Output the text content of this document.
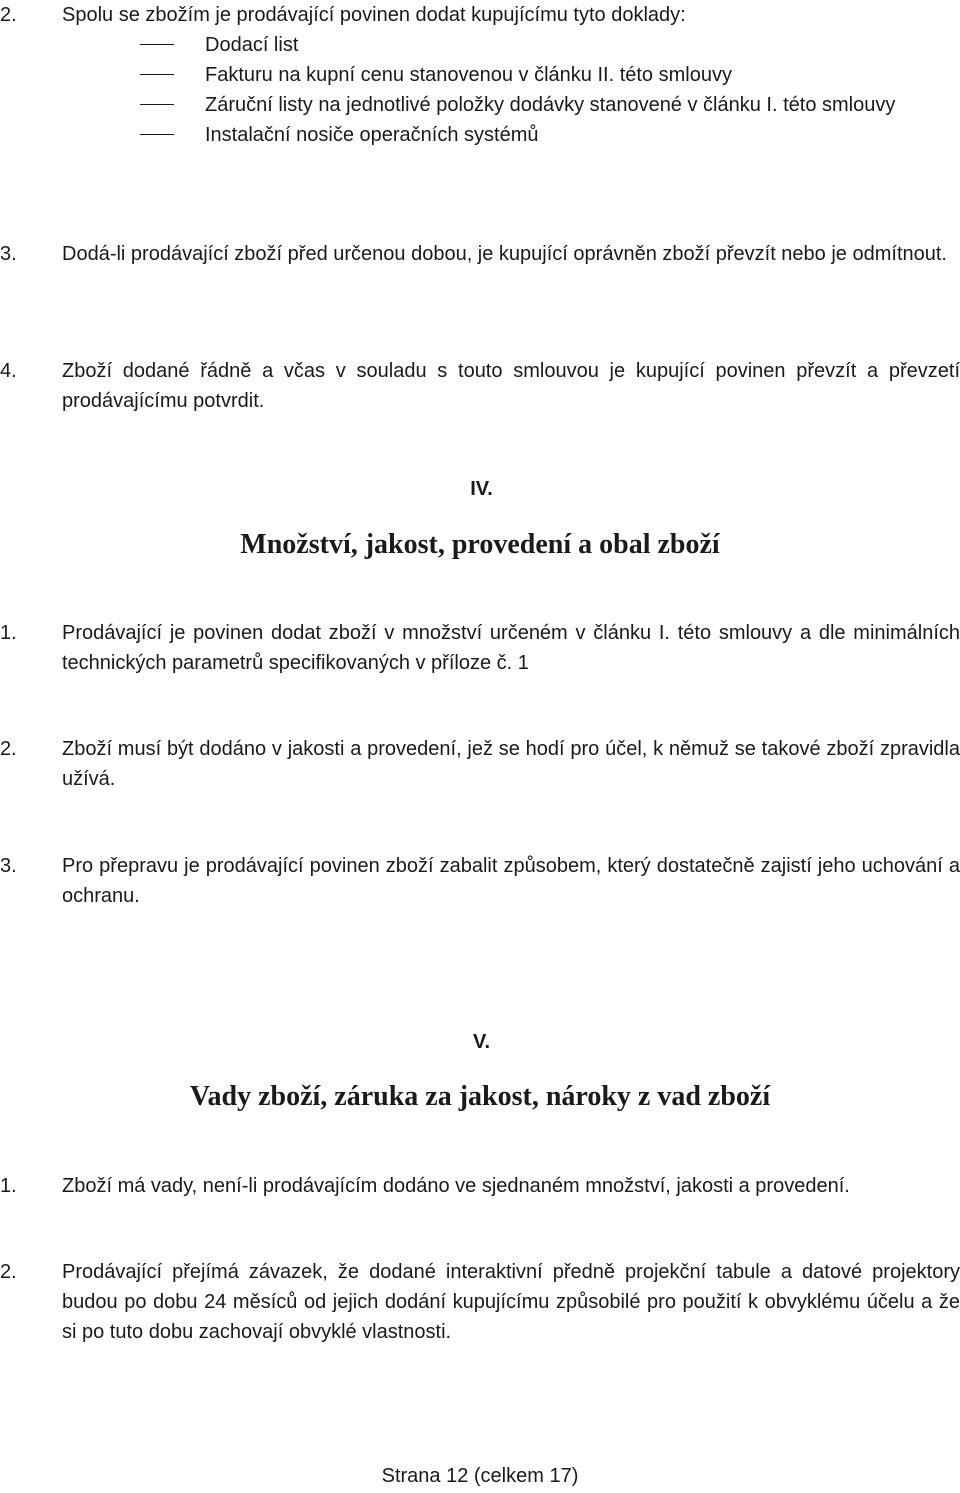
2. Spolu se zbožím je prodávající povinen dodat kupujícímu tyto doklady:
Dodací list
Fakturu na kupní cenu stanovenou v článku II. této smlouvy
Záruční listy na jednotlivé položky dodávky stanovené v článku I. této smlouvy
Instalační nosiče operačních systémů
3. Dodá-li prodávající zboží před určenou dobou, je kupující oprávněn zboží převzít nebo je odmítnout.
4. Zboží dodané řádně a včas v souladu s touto smlouvou je kupující povinen převzít a převzetí prodávajícímu potvrdit.
IV.
Množství, jakost, provedení a obal zboží
1. Prodávající je povinen dodat zboží v množství určeném v článku I. této smlouvy a dle minimálních technických parametrů specifikovaných v příloze č. 1
2. Zboží musí být dodáno v jakosti a provedení, jež se hodí pro účel, k němuž se takové zboží zpravidla užívá.
3. Pro přepravu je prodávající povinen zboží zabalit způsobem, který dostatečně zajistí jeho uchování a ochranu.
V.
Vady zboží, záruka za jakost, nároky z vad zboží
1. Zboží má vady, není-li prodávajícím dodáno ve sjednaném množství, jakosti a provedení.
2. Prodávající přejímá závazek, že dodané interaktivní předně projekční tabule a datové projektory budou po dobu 24 měsíců od jejich dodání kupujícímu způsobilé pro použití k obvyklému účelu a že si po tuto dobu zachovají obvyklé vlastnosti.
Strana 12 (celkem 17)
